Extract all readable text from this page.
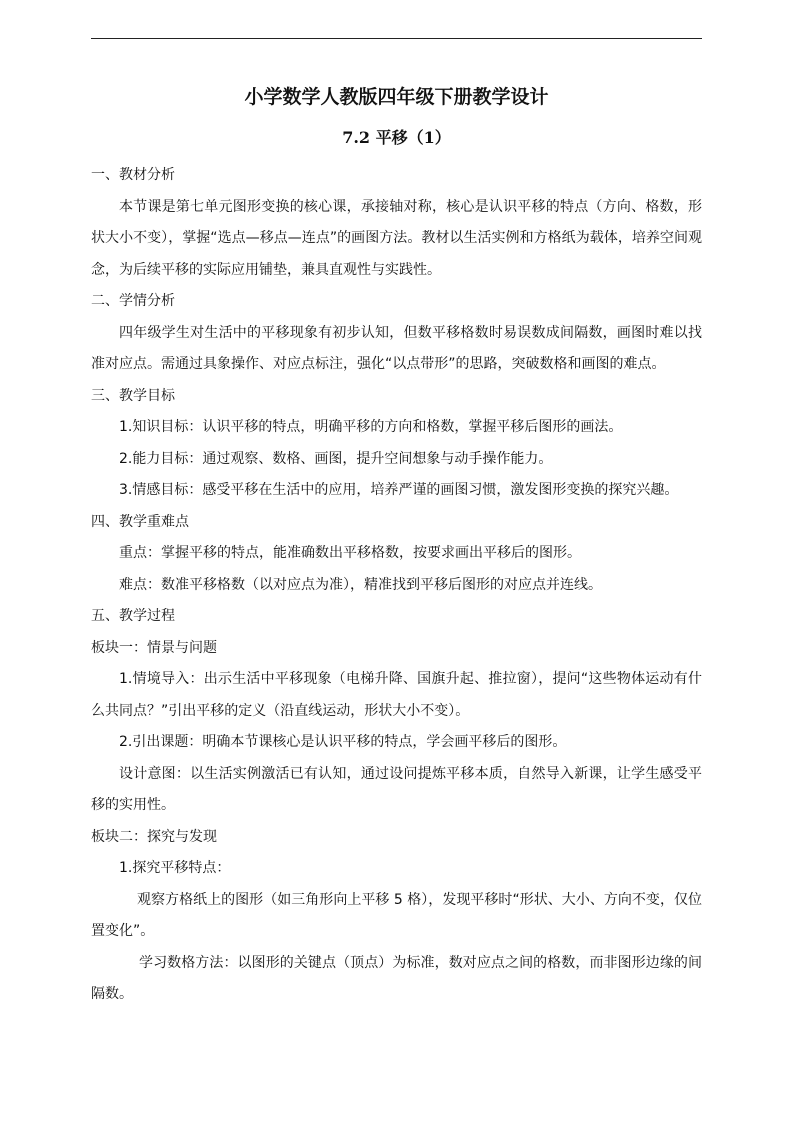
小学数学人教版四年级下册教学设计
7.2 平移（1）

一、教材分析

本节课是第七单元图形变换的核心课，承接轴对称，核心是认识平移的特点（方向、格数，形状大小不变），掌握“选点—移点—连点”的画图方法。教材以生活实例和方格纸为载体，培养空间观念，为后续平移的实际应用铺垫，兼具直观性与实践性。

二、学情分析

四年级学生对生活中的平移现象有初步认知，但数平移格数时易误数成间隔数，画图时难以找准对应点。需通过具象操作、对应点标注，强化“以点带形”的思路，突破数格和画图的难点。

三、教学目标

1.知识目标：认识平移的特点，明确平移的方向和格数，掌握平移后图形的画法。

2.能力目标：通过观察、数格、画图，提升空间想象与动手操作能力。

3.情感目标：感受平移在生活中的应用，培养严谨的画图习惯，激发图形变换的探究兴趣。

四、教学重难点

重点：掌握平移的特点，能准确数出平移格数，按要求画出平移后的图形。

难点：数准平移格数（以对应点为准），精准找到平移后图形的对应点并连线。

五、教学过程

板块一：情景与问题

1.情境导入：出示生活中平移现象（电梯升降、国旗升起、推拉窗），提问“这些物体运动有什么共同点？”引出平移的定义（沿直线运动，形状大小不变）。

2.引出课题：明确本节课核心是认识平移的特点，学会画平移后的图形。

设计意图：以生活实例激活已有认知，通过设问提炼平移本质，自然导入新课，让学生感受平移的实用性。

板块二：探究与发现

1.探究平移特点：

观察方格纸上的图形（如三角形向上平移 5 格），发现平移时“形状、大小、方向不变，仅位置变化”。

学习数格方法：以图形的关键点（顶点）为标准，数对应点之间的格数，而非图形边缘的间隔数。
